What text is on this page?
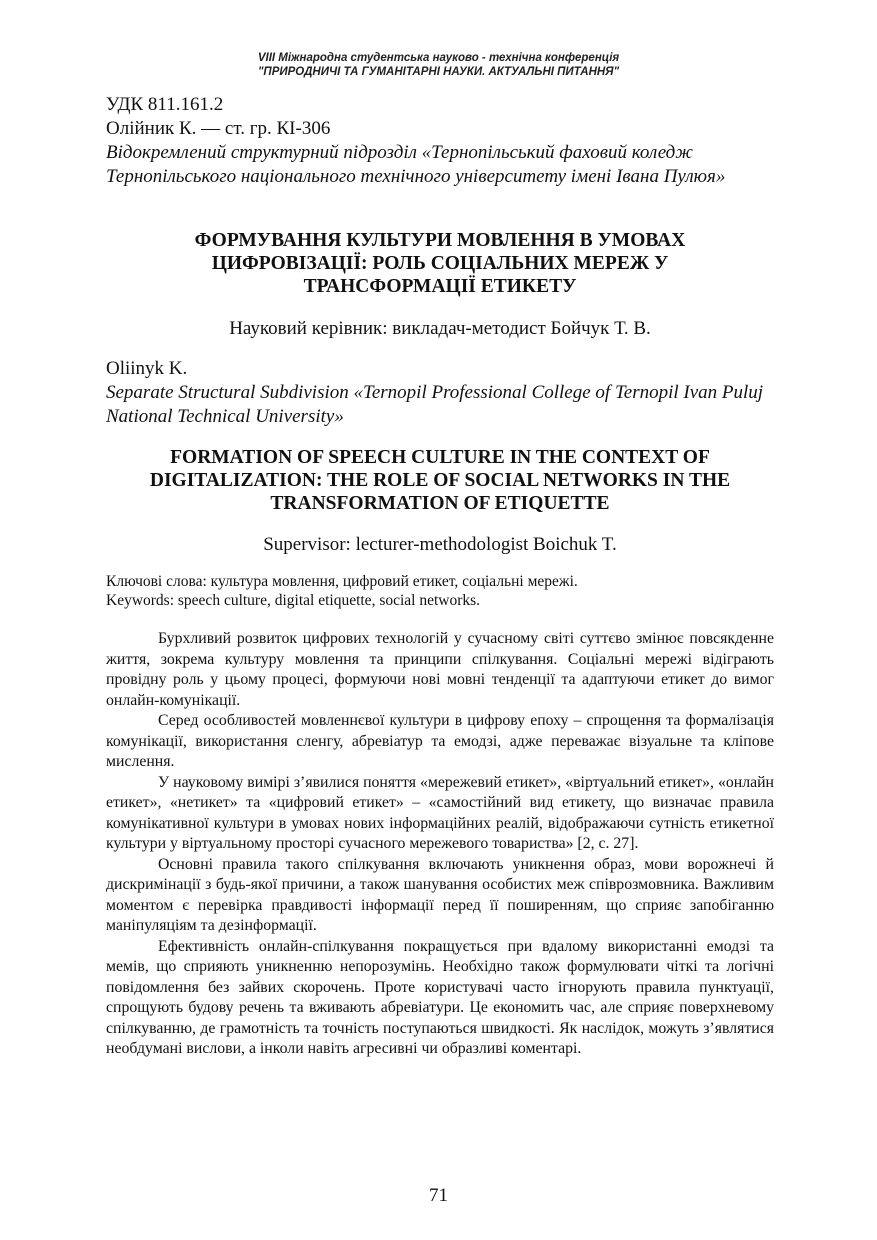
VIII Міжнародна студентська науково - технічна конференція
"ПРИРОДНИЧІ ТА ГУМАНІТАРНІ НАУКИ. АКТУАЛЬНІ ПИТАННЯ"

УДК 811.161.2

Олійник К. — ст. гр. КІ-306

Відокремлений структурний підрозділ «Тернопільський фаховий коледж Тернопільського національного технічного університету імені Івана Пулюя»

ФОРМУВАННЯ КУЛЬТУРИ МОВЛЕННЯ В УМОВАХ

ЦИФРОВІЗАЦІЇ: РОЛЬ СОЦІАЛЬНИХ МЕРЕЖ У

ТРАНСФОРМАЦІЇ ЕТИКЕТУ

Науковий керівник: викладач-методист Бойчук Т. В.

Oliinyk K.

Separate Structural Subdivision «Ternopil Professional College of Ternopil Ivan Puluj National Technical University»

FORMATION OF SPEECH CULTURE IN THE CONTEXT OF

DIGITALIZATION: THE ROLE OF SOCIAL NETWORKS IN THE

TRANSFORMATION OF ETIQUETTE

Supervisor: lecturer-methodologist Boichuk T.

Ключові слова: культура мовлення, цифровий етикет, соціальні мережі.

Keywords: speech culture, digital etiquette, social networks.

Бурхливий розвиток цифрових технологій у сучасному світі суттєво змінює повсякденне життя, зокрема культуру мовлення та принципи спілкування. Соціальні мережі відіграють провідну роль у цьому процесі, формуючи нові мовні тенденції та адаптуючи етикет до вимог онлайн-комунікації.

Серед особливостей мовленнєвої культури в цифрову епоху – спрощення та формалізація комунікації, використання сленгу, абревіатур та емодзі, адже переважає візуальне та кліпове мислення.

У науковому вимірі з’явилися поняття «мережевий етикет», «віртуальний етикет», «онлайн етикет», «нетикет» та «цифровий етикет» – «самостійний вид етикету, що визначає правила комунікативної культури в умовах нових інформаційних реалій, відображаючи сутність етикетної культури у віртуальному просторі сучасного мережевого товариства» [2, с. 27].

Основні правила такого спілкування включають уникнення образ, мови ворожнечі й дискримінації з будь-якої причини, а також шанування особистих меж співрозмовника. Важливим моментом є перевірка правдивості інформації перед її поширенням, що сприяє запобіганню маніпуляціям та дезінформації.

Ефективність онлайн-спілкування покращується при вдалому використанні емодзі та мемів, що сприяють уникненню непорозумінь. Необхідно також формулювати чіткі та логічні повідомлення без зайвих скорочень. Проте користувачі часто ігнорують правила пунктуації, спрощують будову речень та вживають абревіатури. Це економить час, але сприяє поверхневому спілкуванню, де грамотність та точність поступаються швидкості. Як наслідок, можуть з’являтися необдумані вислови, а інколи навіть агресивні чи образливі коментарі.

71
